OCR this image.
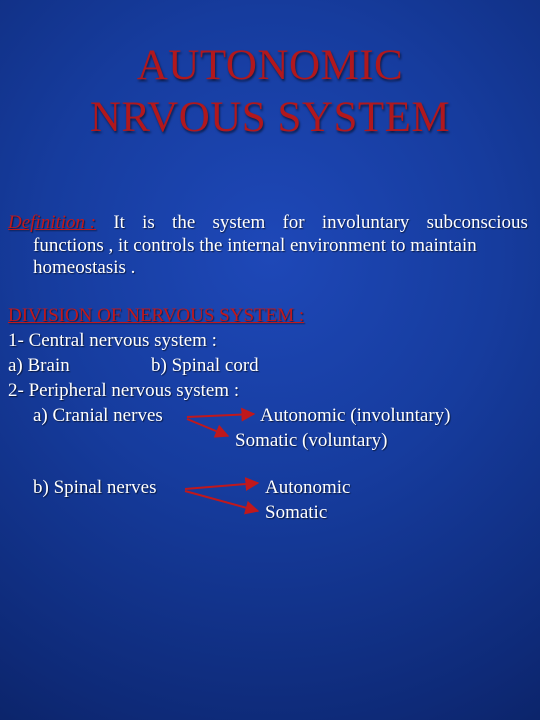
AUTONOMIC
NRVOUS SYSTEM
Definition : It is the system for involuntary subconscious
functions , it controls the internal environment to maintain
homeostasis .
DIVISION OF NERVOUS SYSTEM :
1- Central nervous system :
a) Brain	b) Spinal cord
2- Peripheral nervous system :
a) Cranial nerves	Autonomic (involuntary)
Somatic (voluntary)
b) Spinal nerves	Autonomic
Somatic
